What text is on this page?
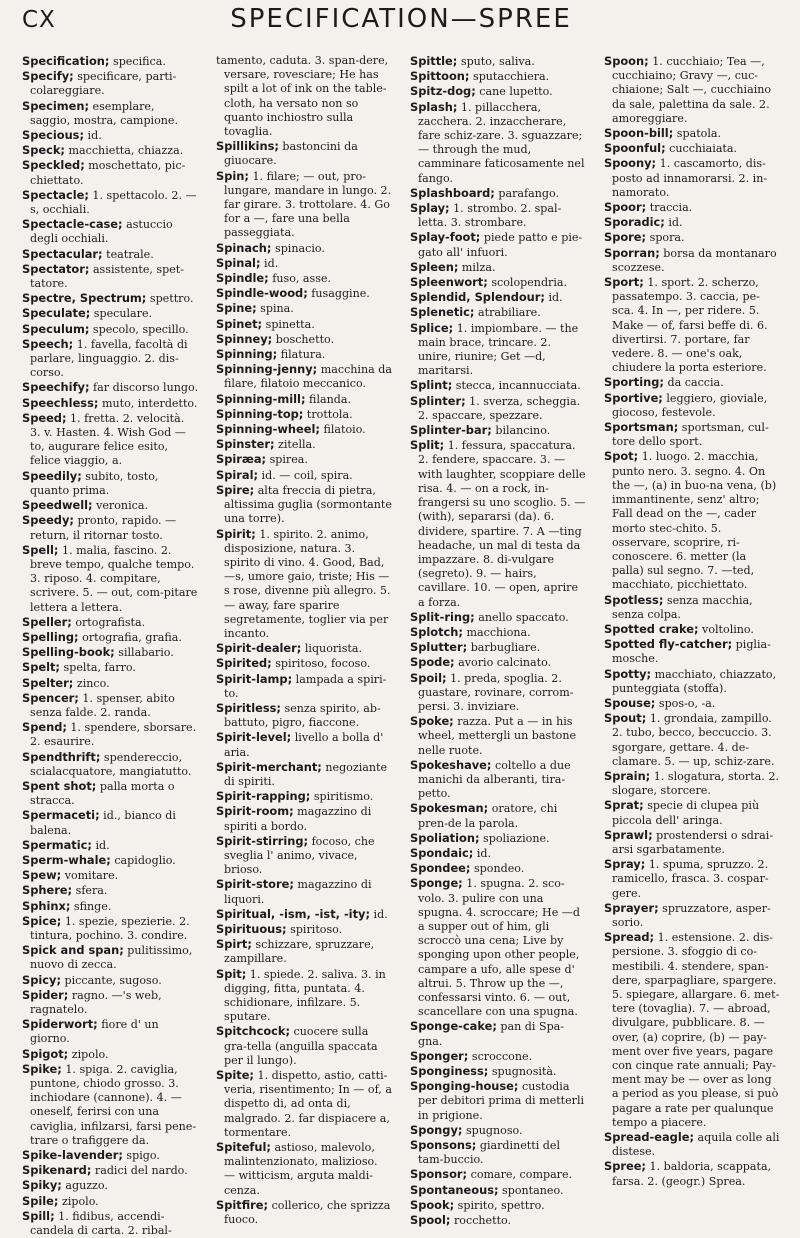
CX	SPECIFICATION—SPREE
Specification; specifica.
Specify; specificare, parti-colareggiare.
Specimen; esemplare, saggio, mostra, campione.
Specious; id.
Speck; macchietta, chiazza.
Speckled; moschettato, pic-chiettato.
Spectacle; 1. spettacolo. 2. —s, occhiali.
Spectacle-case; astuccio degli occhiali.
Spectacular; teatrale.
Spectator; assistente, spet-tatore.
Spectre, Spectrum; spettro.
Speculate; speculare.
Speculum; specolo, specillo.
Speech; 1. favella, facoltà di parlare, linguaggio. 2. dis-corso.
Speechify; far discorso lungo.
Speechless; muto, interdetto.
Speed; 1. fretta. 2. velocità. 3. v. Hasten. 4. Wish God — to, augurare felice esito, felice viaggio, a.
Speedily; subito, tosto, quanto prima.
Speedwell; veronica.
Speedy; pronto, rapido. — return, il ritornar tosto.
Spell; 1. malia, fascino. 2. breve tempo, qualche tempo. 3. riposo. 4. compitare, scrivere. 5. — out, com-pitare lettera a lettera.
Speller; ortografista.
Spelling; ortografia, grafia.
Spelling-book; sillabario.
Spelt; spelta, farro.
Spelter; zinco.
Spencer; 1. spenser, abito senza falde. 2. randa.
Spend; 1. spendere, sborsare. 2. esaurire.
Spendthrift; spendereccio, scialacquatore, mangiatutto.
Spent shot; palla morta o stracca.
Spermaceti; id., bianco di balena.
Spermatic; id.
Sperm-whale; capidoglio.
Spew; vomitare.
Sphere; sfera.
Sphinx; sfinge.
Spice; 1. spezie, spezierie. 2. tintura, pochino. 3. condire.
Spick and span; pulitissimo, nuovo di zecca.
Spicy; piccante, sugoso.
Spider; ragno. —'s web, ragnatelo.
Spiderwort; fiore d' un giorno.
Spigot; zipolo.
Spike; 1. spiga. 2. caviglia, puntone, chiodo grosso. 3. inchiodare (cannone). 4. — oneself, ferirsi con una caviglia, infilzarsi, farsi pene-trare o trafiggere da.
Spike-lavender; spigo.
Spikenard; radici del nardo.
Spiky; aguzzo.
Spile; zipolo.
Spill; 1. fidibus, accendi-candela di carta. 2. ribal-
tamento, caduta. 3. span-dere, versare, rovesciare; He has spilt a lot of ink on the table-cloth, ha versato non so quanto inchiostro sulla tovaglia.
Spillikins; bastoncini da giuocare.
Spin; 1. filare; — out, pro-lungare, mandare in lungo. 2. far girare. 3. trottolare. 4. Go for a —, fare una bella passeggiata.
Spinach; spinacio.
Spinal; id.
Spindle; fuso, asse.
Spindle-wood; fusaggine.
Spine; spina.
Spinet; spinetta.
Spinney; boschetto.
Spinning; filatura.
Spinning-jenny; macchina da filare, filatoio meccanico.
Spinning-mill; filanda.
Spinning-top; trottola.
Spinning-wheel; filatoio.
Spinster; zitella.
Spiræa; spirea.
Spiral; id. — coil, spira.
Spire; alta freccia di pietra, altissima guglia (sormontante una torre).
Spirit; 1. spirito. 2. animo, disposizione, natura. 3. spirito di vino. 4. Good, Bad, —s, umore gaio, triste; His —s rose, divenne più allegro. 5. — away, fare sparire segretamente, toglier via per incanto.
Spirit-dealer; liquorista.
Spirited; spiritoso, focoso.
Spirit-lamp; lampada a spiri-to.
Spiritless; senza spirito, ab-battuto, pigro, fiaccone.
Spirit-level; livello a bolla d' aria.
Spirit-merchant; negoziante di spiriti.
Spirit-rapping; spiritismo.
Spirit-room; magazzino di spiriti a bordo.
Spirit-stirring; focoso, che sveglia l' animo, vivace, brioso.
Spirit-store; magazzino di liquori.
Spiritual, -ism, -ist, -ity; id.
Spirituous; spiritoso.
Spirt; schizzare, spruzzare, zampillare.
Spit; 1. spiede. 2. saliva. 3. in digging, fitta, puntata. 4. schidionare, infilzare. 5. sputare.
Spitchcock; cuocere sulla gra-tella (anguilla spaccata per il lungo).
Spite; 1. dispetto, astio, catti-veria, risentimento; In — of, a dispetto di, ad onta di, malgrado. 2. far dispiacere a, tormentare.
Spiteful; astioso, malevolo, malintenzionato, malizioso. — witticism, arguta maldi-cenza.
Spitfire; collerico, che sprizza fuoco.
Spittle; sputo, saliva.
Spittoon; sputacchiera.
Spitz-dog; cane lupetto.
Splash; 1. pillacchera, zacchera. 2. inzaccherare, fare schiz-zare. 3. sguazzare; — through the mud, camminare faticosamente nel fango.
Splashboard; parafango.
Splay; 1. strombo. 2. spal-letta. 3. strombare.
Splay-foot; piede patto e pie-gato all' infuori.
Spleen; milza.
Spleenwort; scolopendria.
Splendid, Splendour; id.
Splenetic; atrabiliare.
Splice; 1. impiombare. — the main brace, trincare. 2. unire, riunire; Get —d, maritarsi.
Splint; stecca, incannucciata.
Splinter; 1. sverza, scheggia. 2. spaccare, spezzare.
Splinter-bar; bilancino.
Split; 1. fessura, spaccatura. 2. fendere, spaccare. 3. — with laughter, scoppiare delle risa. 4. — on a rock, in-frangersi su uno scoglio. 5. — (with), separarsi (da). 6. dividere, spartire. 7. A —ting headache, un mal di testa da impazzare. 8. di-vulgare (segreto). 9. — hairs, cavillare. 10. — open, aprire a forza.
Split-ring; anello spaccato.
Splotch; macchiona.
Splutter; barbugliare.
Spode; avorio calcinato.
Spoil; 1. preda, spoglia. 2. guastare, rovinare, corrom-persi. 3. inviziare.
Spoke; razza. Put a — in his wheel, mettergli un bastone nelle ruote.
Spokeshave; coltello a due manichi da alberanti, tira-petto.
Spokesman; oratore, chi pren-de la parola.
Spoliation; spoliazione.
Spondaic; id.
Spondee; spondeo.
Sponge; 1. spugna. 2. sco-volo. 3. pulire con una spugna. 4. scroccare; He —d a supper out of him, gli scroccò una cena; Live by sponging upon other people, campare a ufo, alle spese d' altrui. 5. Throw up the —, confessarsi vinto. 6. — out, scancellare con una spugna.
Sponge-cake; pan di Spa-gna.
Sponger; scroccone.
Sponginess; spugnosità.
Sponging-house; custodia per debitori prima di metterli in prigione.
Spongy; spugnoso.
Sponsons; giardinetti del tam-buccio.
Sponsor; comare, compare.
Spontaneous; spontaneo.
Spook; spirito, spettro.
Spool; rocchetto.
Spoon; 1. cucchiaio; Tea —, cucchiaino; Gravy —, cuc-chiaione; Salt —, cucchiaino da sale, palettina da sale. 2. amoreggiare.
Spoon-bill; spatola.
Spoonful; cucchiaiata.
Spoony; 1. cascamorto, dis-posto ad innamorarsi. 2. in-namorato.
Spoor; traccia.
Sporadic; id.
Spore; spora.
Sporran; borsa da montanaro scozzese.
Sport; 1. sport. 2. scherzo, passatempo. 3. caccia, pe-sca. 4. In —, per ridere. 5. Make — of, farsi beffe di. 6. divertirsi. 7. portare, far vedere. 8. — one's oak, chiudere la porta esteriore.
Sporting; da caccia.
Sportive; leggiero, gioviale, giocoso, festevole.
Sportsman; sportsman, cul-tore dello sport.
Spot; 1. luogo. 2. macchia, punto nero. 3. segno. 4. On the —, (a) in buo-na vena, (b) immantinente, senz' altro; Fall dead on the —, cader morto stec-chito. 5. osservare, scoprire, ri-conoscere. 6. metter (la palla) sul segno. 7. —ted, macchiato, picchiettato.
Spotless; senza macchia, senza colpa.
Spotted crake; voltolino.
Spotted fly-catcher; piglia-mosche.
Spotty; macchiato, chiazzato, punteggiata (stoffa).
Spouse; spos-o, -a.
Spout; 1. grondaia, zampillo. 2. tubo, becco, beccuccio. 3. sgorgare, gettare. 4. de-clamare. 5. — up, schiz-zare.
Sprain; 1. slogatura, storta. 2. slogare, storcere.
Sprat; specie di clupea più piccola dell' aringa.
Sprawl; prostendersi o sdrai-arsi sgarbatamente.
Spray; 1. spuma, spruzzo. 2. ramicello, frasca. 3. cospar-gere.
Sprayer; spruzzatore, asper-sorio.
Spread; 1. estensione. 2. dis-persione. 3. sfoggio di co-mestibili. 4. stendere, span-dere, sparpagliare, spargere. 5. spiegare, allargare. 6. met-tere (tovaglia). 7. — abroad, divulgare, pubblicare. 8. — over, (a) coprire, (b) — pay-ment over five years, pagare con cinque rate annuali; Pay-ment may be — over as long a period as you please, si può pagare a rate per qualunque tempo a piacere.
Spread-eagle; aquila colle ali distese.
Spree; 1. baldoria, scappata, farsa. 2. (geogr.) Sprea.
